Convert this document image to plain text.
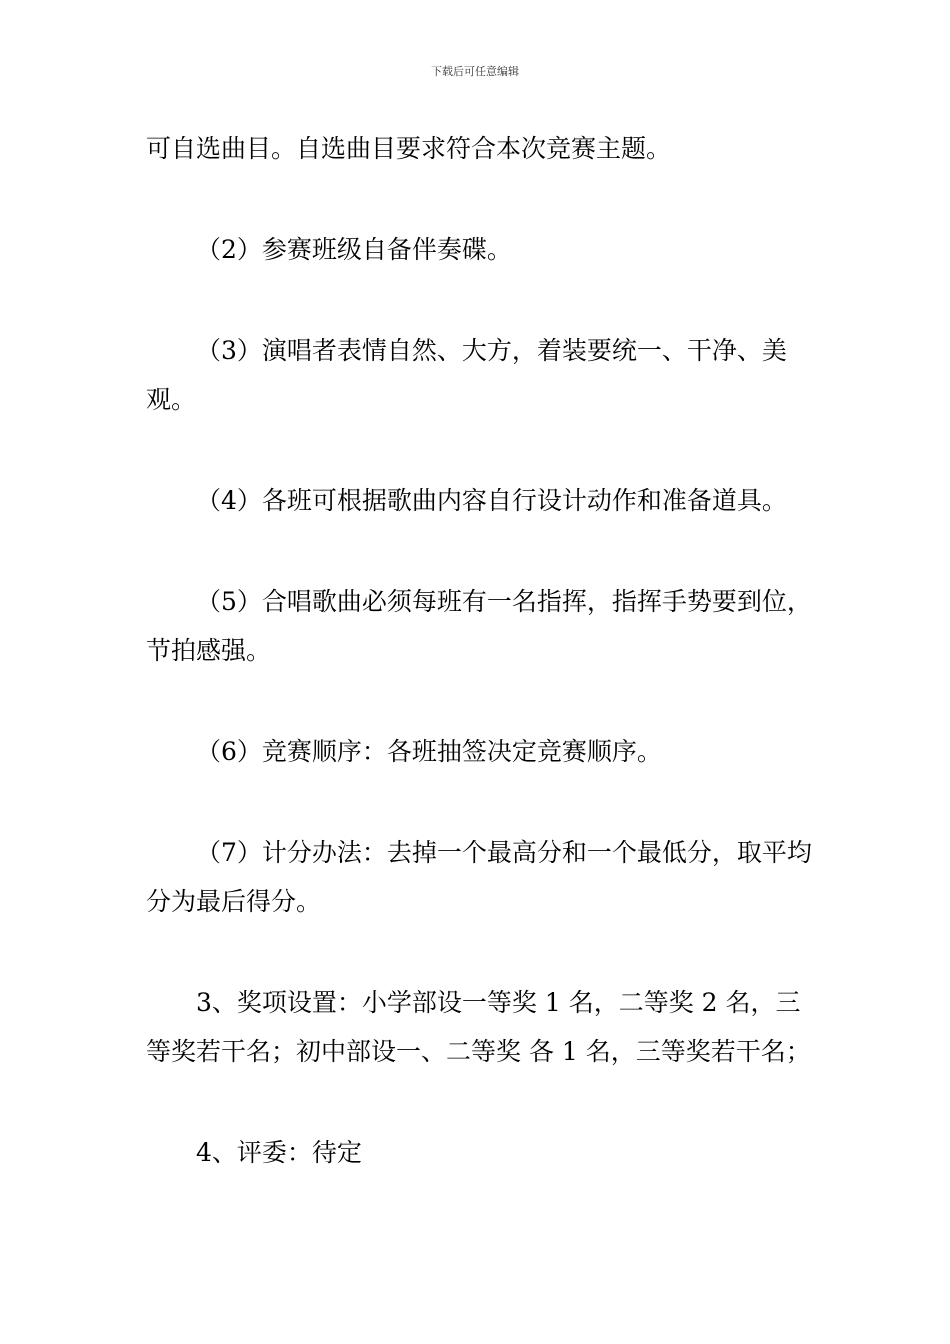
下载后可任意编辑

可自选曲目。自选曲目要求符合本次竞赛主题。

（2）参赛班级自备伴奏碟。

（3）演唱者表情自然、大方，着装要统一、干净、美观。

（4）各班可根据歌曲内容自行设计动作和准备道具。

（5）合唱歌曲必须每班有一名指挥，指挥手势要到位，节拍感强。

（6）竞赛顺序：各班抽签决定竞赛顺序。

（7）计分办法：去掉一个最高分和一个最低分，取平均分为最后得分。

3、奖项设置：小学部设一等奖 1 名，二等奖 2 名，三等奖若干名；初中部设一、二等奖 各 1 名，三等奖若干名；

4、评委：待定
